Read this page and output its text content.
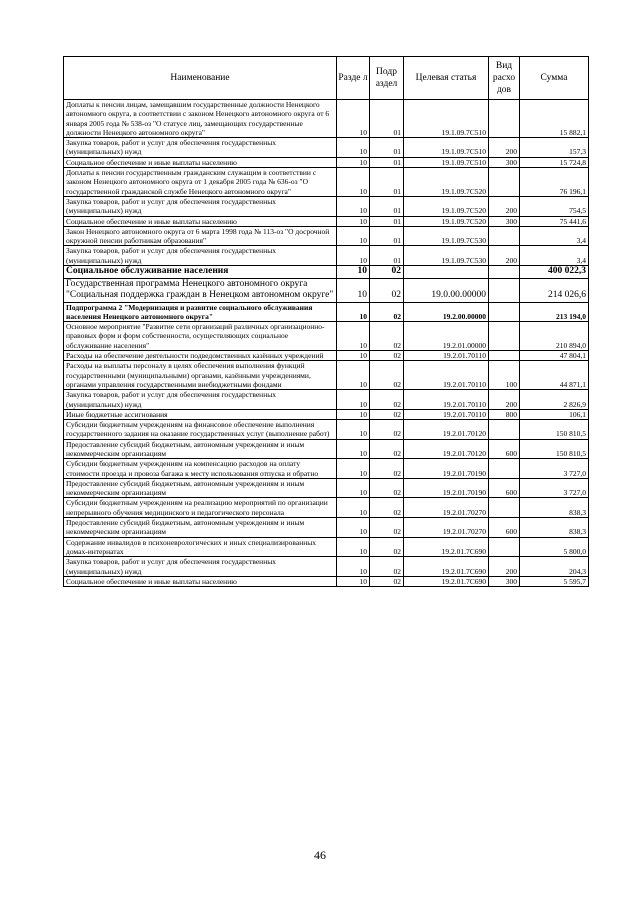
Наименование	Разде л	Подр аздел	Целевая статья	Вид расхо дов	Сумма
Доплаты к пенсии лицам, замещавшим государственные должности Ненецкого автономного округа, в соответствии с законом Ненецкого автономного округа от 6 января 2005 года № 538-оз "О статусе лиц, замещающих государственные должности Ненецкого автономного округа"	10	01	19.1.09.7С510		15 882,1
Закупка товаров, работ и услуг для обеспечения государственных (муниципальных) нужд	10	01	19.1.09.7С510	200	157,3
Социальное обеспечение и иные выплаты населению	10	01	19.1.09.7С510	300	15 724,8
Доплаты к пенсии государственным гражданским служащим в соответствии с законом Ненецкого автономного округа от 1 декабря 2005 года № 636-оз "О государственной гражданской службе Ненецкого автономного округа"	10	01	19.1.09.7С520		76 196,1
Закупка товаров, работ и услуг для обеспечения государственных (муниципальных) нужд	10	01	19.1.09.7С520	200	754,5
Социальное обеспечение и иные выплаты населению	10	01	19.1.09.7С520	300	75 441,6
Закон Ненецкого автономного округа от 6 марта 1998 года № 113-оз "О досрочной окружной пенсии работникам образования"	10	01	19.1.09.7С530		3,4
Закупка товаров, работ и услуг для обеспечения государственных (муниципальных) нужд	10	01	19.1.09.7С530	200	3,4
Социальное обслуживание населения	10	02			400 022,3
Государственная программа Ненецкого автономного округа "Социальная поддержка граждан в Ненецком автономном округе"	10	02	19.0.00.00000		214 026,6
Подпрограмма 2 "Модернизация и развитие социального обслуживания населения Ненецкого автономного округа"	10	02	19.2.00.00000		213 194,0
Основное мероприятие "Развитие сети организаций различных организационно-правовых форм и форм собственности, осуществляющих социальное обслуживание населения"	10	02	19.2.01.00000		210 894,0
Расходы на обеспечение деятельности подведомственных казённых учреждений	10	02	19.2.01.70110		47 804,1
Расходы на выплаты персоналу в целях обеспечения выполнения функций государственными (муниципальными) органами, казёнными учреждениями, органами управления государственными внебюджетными фондами	10	02	19.2.01.70110	100	44 871,1
Закупка товаров, работ и услуг для обеспечения государственных (муниципальных) нужд	10	02	19.2.01.70110	200	2 826,9
Иные бюджетные ассигнования	10	02	19.2.01.70110	800	106,1
Субсидии бюджетным учреждениям на финансовое обеспечение выполнения государственного задания на оказание государственных услуг (выполнение работ)	10	02	19.2.01.70120		150 810,5
Предоставление субсидий бюджетным, автономным учреждениям и иным некоммерческим организациям	10	02	19.2.01.70120	600	150 810,5
Субсидии бюджетным учреждениям на компенсацию расходов на оплату стоимости проезда и провоза багажа к месту использования отпуска и обратно	10	02	19.2.01.70190		3 727,0
Предоставление субсидий бюджетным, автономным учреждениям и иным некоммерческим организациям	10	02	19.2.01.70190	600	3 727,0
Субсидии бюджетным учреждениям на реализацию мероприятий по организации непрерывного обучения медицинского и педагогического персонала	10	02	19.2.01.70270		838,3
Предоставление субсидий бюджетным, автономным учреждениям и иным некоммерческим организациям	10	02	19.2.01.70270	600	838,3
Содержание инвалидов в психоневрологических и иных специализированных домах-интернатах	10	02	19.2.01.7С690		5 800,0
Закупка товаров, работ и услуг для обеспечения государственных (муниципальных) нужд	10	02	19.2.01.7С690	200	204,3
Социальное обеспечение и иные выплаты населению	10	02	19.2.01.7С690	300	5 595,7
46
